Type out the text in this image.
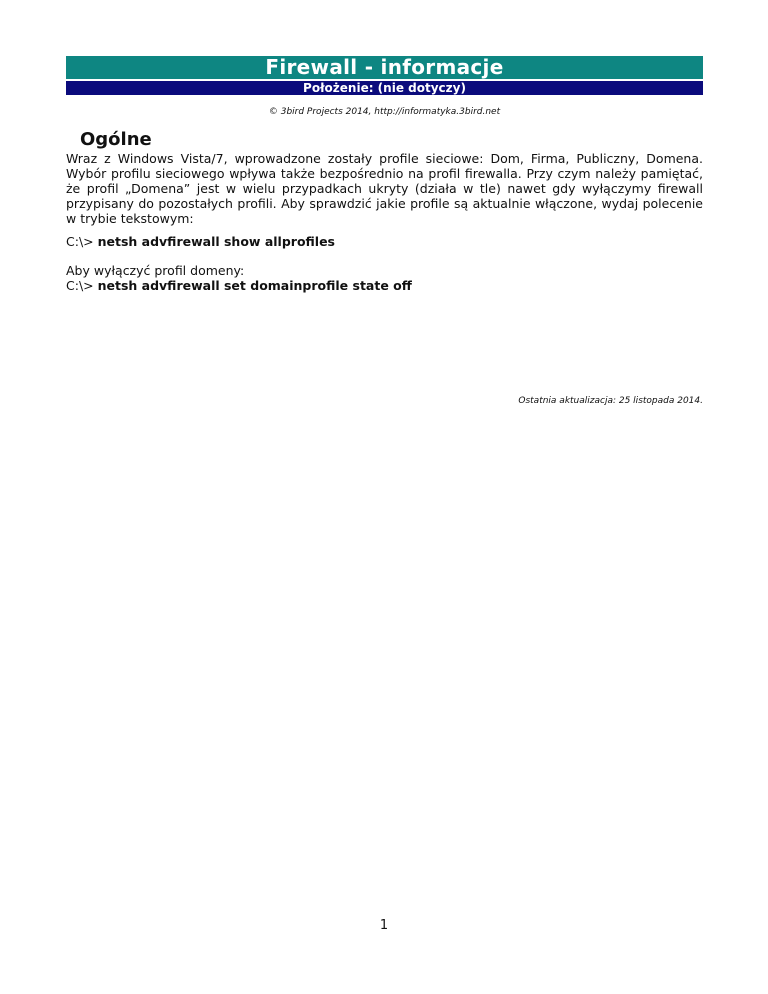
Firewall - informacje
Położenie: (nie dotyczy)
© 3bird Projects 2014, http://informatyka.3bird.net
Ogólne
Wraz z Windows Vista/7, wprowadzone zostały profile sieciowe: Dom, Firma, Publiczny, Domena. Wybór profilu sieciowego wpływa także bezpośrednio na profil firewalla. Przy czym należy pamiętać, że profil „Domena” jest w wielu przypadkach ukryty (działa w tle) nawet gdy wyłączymy firewall przypisany do pozostałych profili. Aby sprawdzić jakie profile są aktualnie włączone, wydaj polecenie w trybie tekstowym:
C:\> netsh advfirewall show allprofiles
Aby wyłączyć profil domeny:
C:\> netsh advfirewall set domainprofile state off
Ostatnia aktualizacja: 25 listopada 2014.
1
